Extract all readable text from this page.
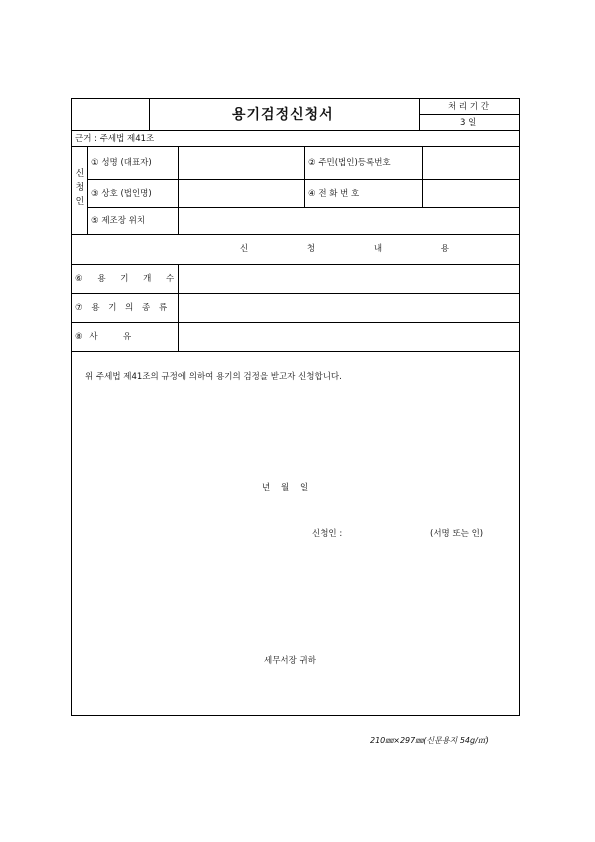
용기검정신청서	처 리 기 간
3 일
근거 : 주세법 제41조
신
청
인
① 성명 (대표자)	② 주민(법인)등록번호
③ 상호 (법인명)	④ 전 화 번 호
⑤ 제조장 위치
신 청 내 용
⑥ 용 기 개 수
⑦ 용 기 의 종 류
⑧ 사     유
위 주세법 제41조의 규정에 의하여 용기의 검정을 받고자 신청합니다.
년    월    일
신청인 :	(서명 또는 인)
세무서장 귀하
210㎜×297㎜(신문용지 54g/㎡)
